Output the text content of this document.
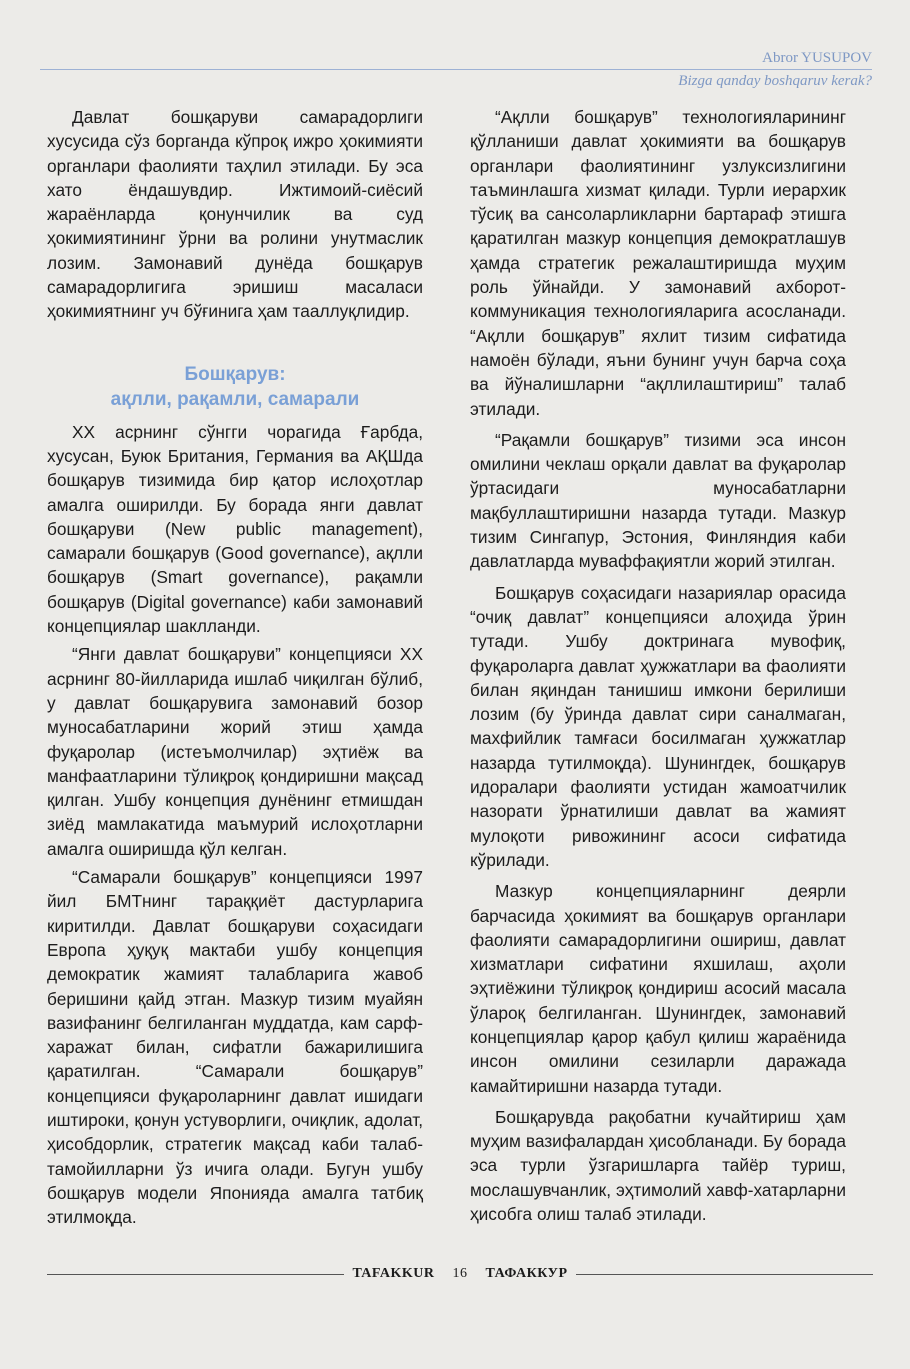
Abror YUSUPOV
Bizga qanday boshqaruv kerak?

Давлат бошқаруви самарадорлиги хусусида сўз борганда кўпроқ ижро ҳокимияти органлари фаолияти таҳлил этилади. Бу эса хато ёндашувдир. Ижтимоий-сиёсий жараёнларда қонунчилик ва суд ҳокимиятининг ўрни ва ролини унутмаслик лозим. Замонавий дунёда бошқарув самарадорлигига эришиш масаласи ҳокимиятнинг уч бўғинига ҳам тааллуқлидир.

Бошқарув:
ақлли, рақамли, самарали

XX асрнинг сўнгги чорагида Ғарбда, хусусан, Буюк Британия, Германия ва АҚШда бошқарув тизимида бир қатор ислоҳотлар амалга оширилди. Бу борада янги давлат бошқаруви (New public management), самарали бошқарув (Good governance), ақлли бошқарув (Smart governance), рақамли бошқарув (Digital governance) каби замонавий концепциялар шаклланди.

“Янги давлат бошқаруви” концепцияси XX асрнинг 80-йилларида ишлаб чиқилган бўлиб, у давлат бошқарувига замонавий бозор муносабатларини жорий этиш ҳамда фуқаролар (истеъмолчилар) эҳтиёж ва манфаатларини тўлиқроқ қондиришни мақсад қилган. Ушбу концепция дунёнинг етмишдан зиёд мамлакатида маъмурий ислоҳотларни амалга оширишда қўл келган.

“Самарали бошқарув” концепцияси 1997 йил БМТнинг тараққиёт дастурларига киритилди. Давлат бошқаруви соҳасидаги Европа ҳуқуқ мактаби ушбу концепция демократик жамият талабларига жавоб беришини қайд этган. Мазкур тизим муайян вазифанинг белгиланган муддатда, кам сарф-харажат билан, сифатли бажарилишига қаратилган. “Самарали бошқарув” концепцияси фуқароларнинг давлат ишидаги иштироки, қонун устуворлиги, очиқлик, адолат, ҳисобдорлик, стратегик мақсад каби талаб-тамойилларни ўз ичига олади. Бугун ушбу бошқарув модели Японияда амалга татбиқ этилмоқда.

“Ақлли бошқарув” технологияларининг қўлланиши давлат ҳокимияти ва бошқарув органлари фаолиятининг узлуксизлигини таъминлашга хизмат қилади. Турли иерархик тўсиқ ва сансоларликларни бартараф этишга қаратилган мазкур концепция демократлашув ҳамда стратегик режалаштиришда муҳим роль ўйнайди. У замонавий ахборот-коммуникация технологияларига асосланади. “Ақлли бошқарув” яхлит тизим сифатида намоён бўлади, яъни бунинг учун барча соҳа ва йўналишларни “ақллилаштириш” талаб этилади.

“Рақамли бошқарув” тизими эса инсон омилини чеклаш орқали давлат ва фуқаролар ўртасидаги муносабатларни мақбуллаштиришни назарда тутади. Мазкур тизим Сингапур, Эстония, Финляндия каби давлатларда муваффақиятли жорий этилган.

Бошқарув соҳасидаги назариялар орасида “очиқ давлат” концепцияси алоҳида ўрин тутади. Ушбу доктринага мувофиқ, фуқароларга давлат ҳужжатлари ва фаолияти билан яқиндан танишиш имкони берилиши лозим (бу ўринда давлат сири саналмаган, махфийлик тамғаси босилмаган ҳужжатлар назарда тутилмоқда). Шунингдек, бошқарув идоралари фаолияти устидан жамоатчилик назорати ўрнатилиши давлат ва жамият мулоқоти ривожининг асоси сифатида кўрилади.

Мазкур концепцияларнинг деярли барчасида ҳокимият ва бошқарув органлари фаолияти самарадорлигини ошириш, давлат хизматлари сифатини яхшилаш, аҳоли эҳтиёжини тўлиқроқ қондириш асосий масала ўлароқ белгиланган. Шунингдек, замонавий концепциялар қарор қабул қилиш жараёнида инсон омилини сезиларли даражада камайтиришни назарда тутади.

Бошқарувда рақобатни кучайтириш ҳам муҳим вазифалардан ҳисобланади. Бу борада эса турли ўзгаришларга тайёр туриш, мослашувчанлик, эҳтимолий хавф-хатарларни ҳисобга олиш талаб этилади.

TAFAKKUR	16	ТАФАККУР
